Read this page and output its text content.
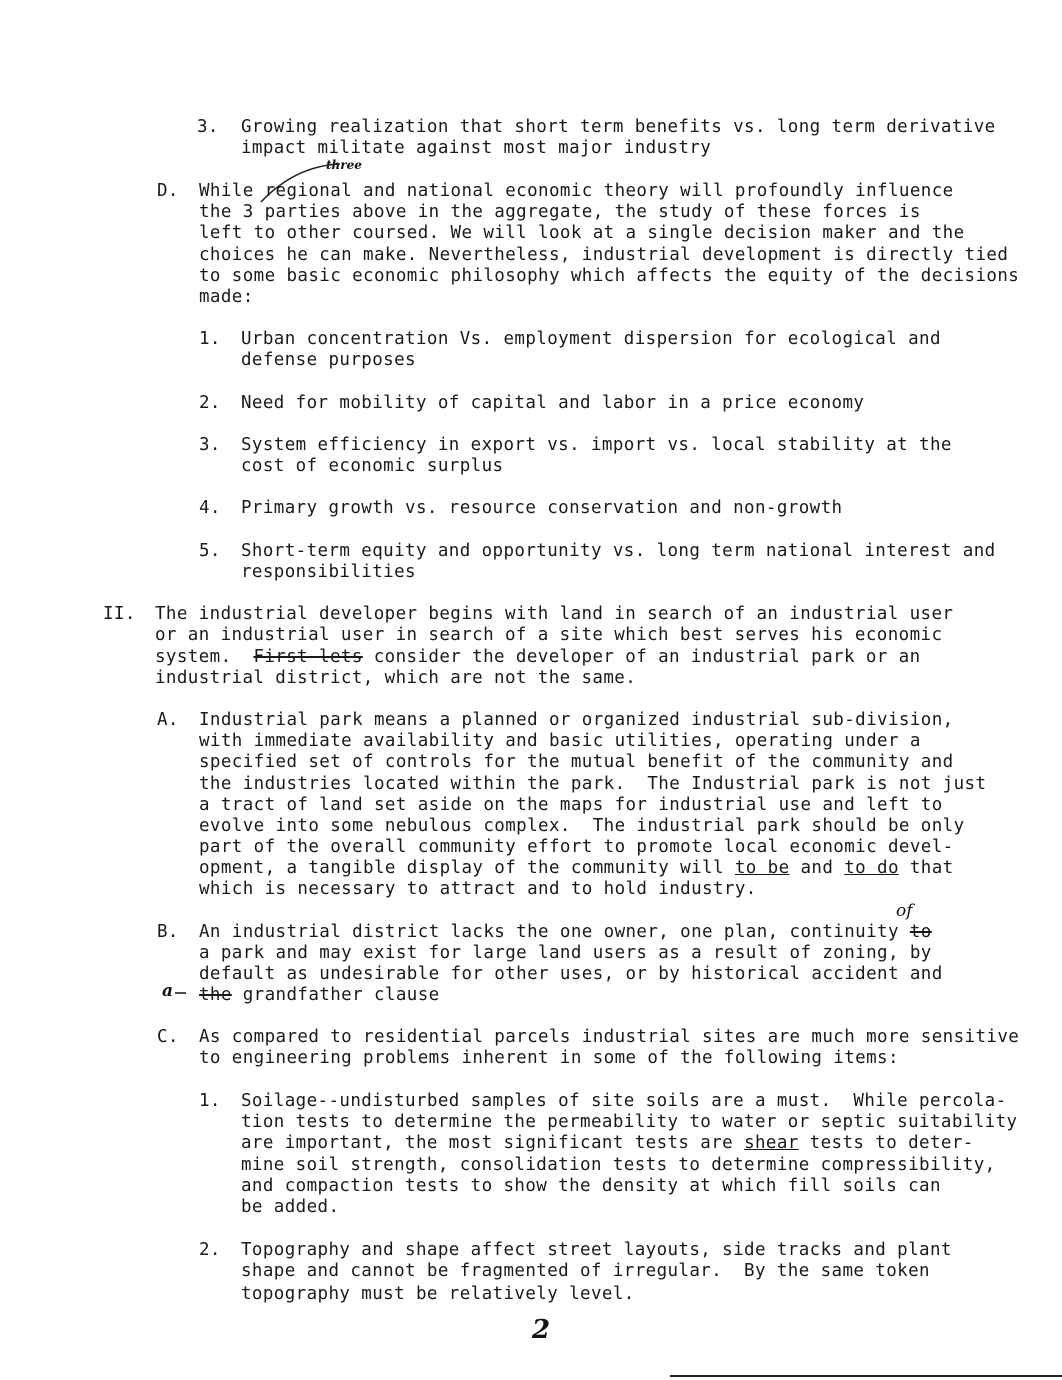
3. Growing realization that short term benefits vs. long term derivative
impact militate against most major industry
three
D. While regional and national economic theory will profoundly influence
the 3 parties above in the aggregate, the study of these forces is
left to other coursed. We will look at a single decision maker and the
choices he can make. Nevertheless, industrial development is directly tied
to some basic economic philosophy which affects the equity of the decisions
made:
1. Urban concentration Vs. employment dispersion for ecological and
defense purposes
2. Need for mobility of capital and labor in a price economy
3. System efficiency in export vs. import vs. local stability at the
cost of economic surplus
4. Primary growth vs. resource conservation and non-growth
5. Short-term equity and opportunity vs. long term national interest and
responsibilities
II. The industrial developer begins with land in search of an industrial user
or an industrial user in search of a site which best serves his economic
system.  First lets consider the developer of an industrial park or an
industrial district, which are not the same.
A. Industrial park means a planned or organized industrial sub-division,
with immediate availability and basic utilities, operating under a
specified set of controls for the mutual benefit of the community and
the industries located within the park.  The Industrial park is not just
a tract of land set aside on the maps for industrial use and left to
evolve into some nebulous complex.  The industrial park should be only
part of the overall community effort to promote local economic devel-
opment, a tangible display of the community will to be and to do that
which is necessary to attract and to hold industry.
of
B. An industrial district lacks the one owner, one plan, continuity to
a park and may exist for large land users as a result of zoning, by
default as undesirable for other uses, or by historical accident and
a the grandfather clause
C. As compared to residential parcels industrial sites are much more sensitive
to engineering problems inherent in some of the following items:
1. Soilage--undisturbed samples of site soils are a must.  While percola-
tion tests to determine the permeability to water or septic suitability
are important, the most significant tests are shear tests to deter-
mine soil strength, consolidation tests to determine compressibility,
and compaction tests to show the density at which fill soils can
be added.
2. Topography and shape affect street layouts, side tracks and plant
shape and cannot be fragmented of irregular.  By the same token
topography must be relatively level.
2
